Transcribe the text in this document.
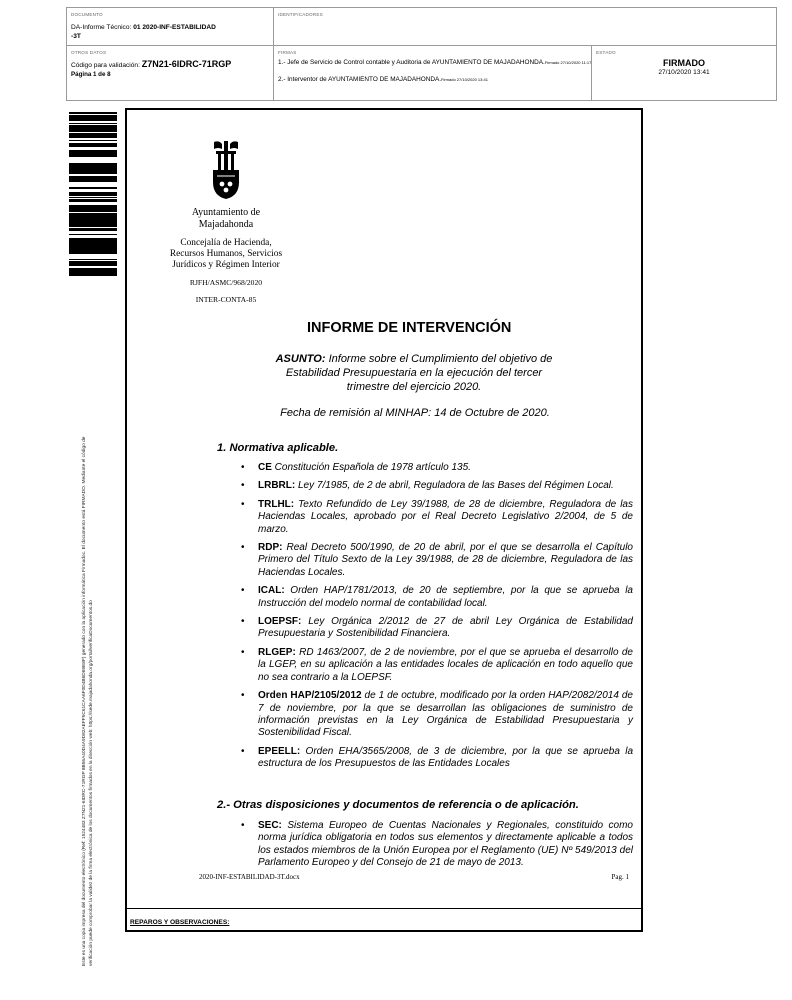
DOCUMENTO
DA-Informe Técnico: 01 2020-INF-ESTABILIDAD
-3T
IDENTIFICADORES
OTROS DATOS
Código para validación: Z7N21-6IDRC-71RGP
Página 1 de 8
FIRMAS
1.- Jefe de Servicio de Control contable y Auditoria de AYUNTAMIENTO DE MAJADAHONDA.Firmado 27/10/2020 11:17
2.- Interventor de AYUNTAMIENTO DE MAJADAHONDA.Firmado 27/10/2020 13:41
ESTADO
FIRMADO
27/10/2020 13:41
Este es una copia impresa del documento electrónico (Ref: 1524483 Z7N21-6IDRC-71RGP 8B56A40D4A9D82AEFF5C61CAA6F0D4B6D69E8F) generado con la aplicación informática Firmadoc. El documento está FIRMADO. Mediante el código de verificación puede comprobar la validez de la firma electrónica de los documentos firmados en la dirección web: https://sede.majadahonda.org/portal/verificaDocumentos.do
Ayuntamiento de
Majadahonda
Concejalía de Hacienda,
Recursos Humanos, Servicios
Jurídicos y Régimen Interior
RJFH/ASMC/968/2020
INTER-CONTA-85
INFORME DE INTERVENCIÓN
ASUNTO: Informe sobre el Cumplimiento del objetivo de
Estabilidad Presupuestaria en la ejecución del tercer
trimestre del ejercicio 2020.
Fecha de remisión al MINHAP: 14 de Octubre de 2020.
1. Normativa aplicable.
• CE Constitución Española de 1978 artículo 135.
• LRBRL: Ley 7/1985, de 2 de abril, Reguladora de las Bases del Régimen Local.
• TRLHL: Texto Refundido de Ley 39/1988, de 28 de diciembre, Reguladora de las Haciendas Locales, aprobado por el Real Decreto Legislativo 2/2004, de 5 de marzo.
• RDP: Real Decreto 500/1990, de 20 de abril, por el que se desarrolla el Capítulo Primero del Título Sexto de la Ley 39/1988, de 28 de diciembre, Reguladora de las Haciendas Locales.
• ICAL: Orden HAP/1781/2013, de 20 de septiembre, por la que se aprueba la Instrucción del modelo normal de contabilidad local.
• LOEPSF: Ley Orgánica 2/2012 de 27 de abril Ley Orgánica de Estabilidad Presupuestaria y Sostenibilidad Financiera.
• RLGEP: RD 1463/2007, de 2 de noviembre, por el que se aprueba el desarrollo de la LGEP, en su aplicación a las entidades locales de aplicación en todo aquello que no sea contrario a la LOEPSF.
• Orden HAP/2105/2012 de 1 de octubre, modificado por la orden HAP/2082/2014 de 7 de noviembre, por la que se desarrollan las obligaciones de suministro de información previstas en la Ley Orgánica de Estabilidad Presupuestaria y Sostenibilidad Fiscal.
• EPEELL: Orden EHA/3565/2008, de 3 de diciembre, por la que se aprueba la estructura de los Presupuestos de las Entidades Locales
2.- Otras disposiciones y documentos de referencia o de aplicación.
• SEC: Sistema Europeo de Cuentas Nacionales y Regionales, constituido como norma jurídica obligatoria en todos sus elementos y directamente aplicable a todos los estados miembros de la Unión Europea por el Reglamento (UE) Nº 549/2013 del Parlamento Europeo y del Consejo de 21 de mayo de 2013.
2020-INF-ESTABILIDAD-3T.docx	Pag. 1
REPAROS Y OBSERVACIONES:
